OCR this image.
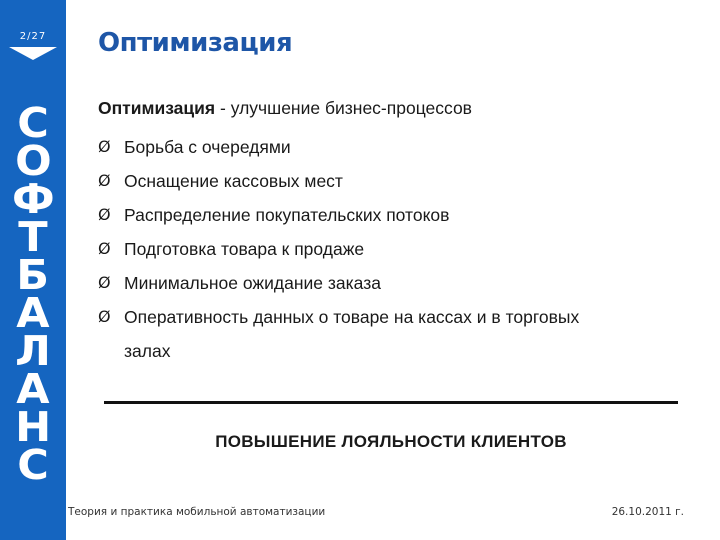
2/27
С
О
Ф
Т
Б
А
Л
А
Н
С
Оптимизация

Оптимизация - улучшение бизнес-процессов

Ø Борьба с очередями
Ø Оснащение кассовых мест
Ø Распределение покупательских потоков
Ø Подготовка товара к продаже
Ø Минимальное ожидание заказа
Ø Оперативность данных о товаре на кассах и в торговых залах
ПОВЫШЕНИЕ ЛОЯЛЬНОСТИ КЛИЕНТОВ
Теория и практика мобильной автоматизации	26.10.2011 г.
